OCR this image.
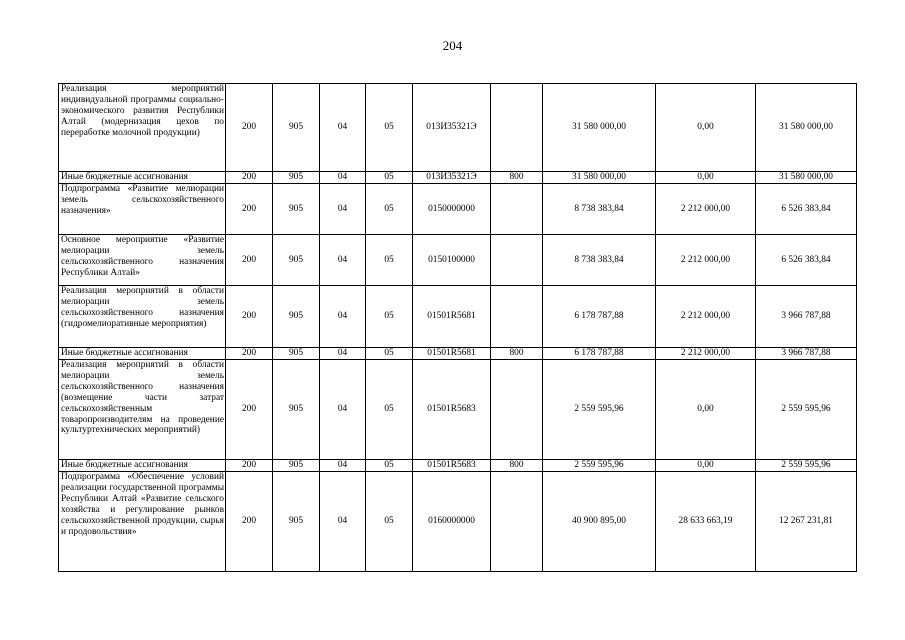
204
Реализация мероприятий индивидуальной программы социально-экономического развития Республики Алтай (модернизация цехов по переработке молочной продукции)	200	905	04	05	013И35321Э		31 580 000,00	0,00	31 580 000,00
Иные бюджетные ассигнования	200	905	04	05	013И35321Э	800	31 580 000,00	0,00	31 580 000,00
Подпрограмма «Развитие мелиорации земель сельскохозяйственного назначения»	200	905	04	05	0150000000		8 738 383,84	2 212 000,00	6 526 383,84
Основное мероприятие «Развитие мелиорации земель сельскохозяйственного назначения Республики Алтай»	200	905	04	05	0150100000		8 738 383,84	2 212 000,00	6 526 383,84
Реализация мероприятий в области мелиорации земель сельскохозяйственного назначения (гидромелиоративные мероприятия)	200	905	04	05	01501R5681		6 178 787,88	2 212 000,00	3 966 787,88
Иные бюджетные ассигнования	200	905	04	05	01501R5681	800	6 178 787,88	2 212 000,00	3 966 787,88
Реализация мероприятий в области мелиорации земель сельскохозяйственного назначения (возмещение части затрат сельскохозяйственным товаропроизводителям на проведение культуртехнических мероприятий)	200	905	04	05	01501R5683		2 559 595,96	0,00	2 559 595,96
Иные бюджетные ассигнования	200	905	04	05	01501R5683	800	2 559 595,96	0,00	2 559 595,96
Подпрограмма «Обеспечение условий реализации государственной программы Республики Алтай «Развитие сельского хозяйства и регулирование рынков сельскохозяйственной продукции, сырья и продовольствия»	200	905	04	05	0160000000		40 900 895,00	28 633 663,19	12 267 231,81
